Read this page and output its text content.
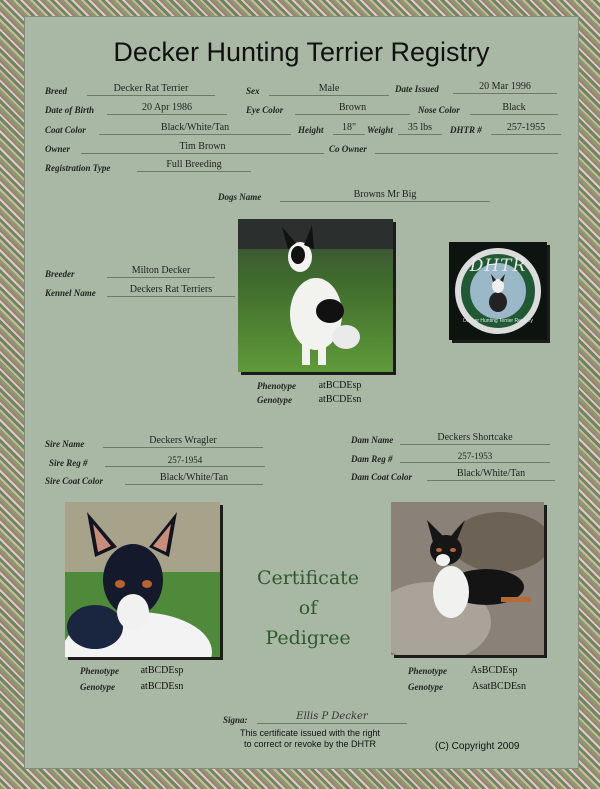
Decker Hunting Terrier Registry
Breed	Decker Rat Terrier	Sex	Male	Date Issued	20 Mar 1996
Date of Birth	20 Apr 1986	Eye Color	Brown	Nose Color	Black
Coat Color	Black/White/Tan	Height	18"	Weight	35 lbs	DHTR #	257-1955
Owner	Tim Brown	Co Owner
Registration Type	Full Breeding
Dogs Name	Browns Mr Big
Phenotype	atBCDEsp
Genotype	atBCDEsn
DHTR
Decker Hunting Terrier Registry
Breeder	Milton Decker
Kennel Name	Deckers Rat Terriers
Sire Name	Deckers Wragler
Sire Reg #	257-1954
Sire Coat Color	Black/White/Tan
Dam Name	Deckers Shortcake
Dam Reg #	257-1953
Dam Coat Color	Black/White/Tan
Phenotype	atBCDEsp
Genotype	atBCDEsn
Certificate
of
Pedigree
Phenotype	AsBCDEsp
Genotype	AsatBCDEsn
Signa:	Ellis P Decker
This certificate issued with the right
to correct or revoke by the DHTR	(C) Copyright 2009
